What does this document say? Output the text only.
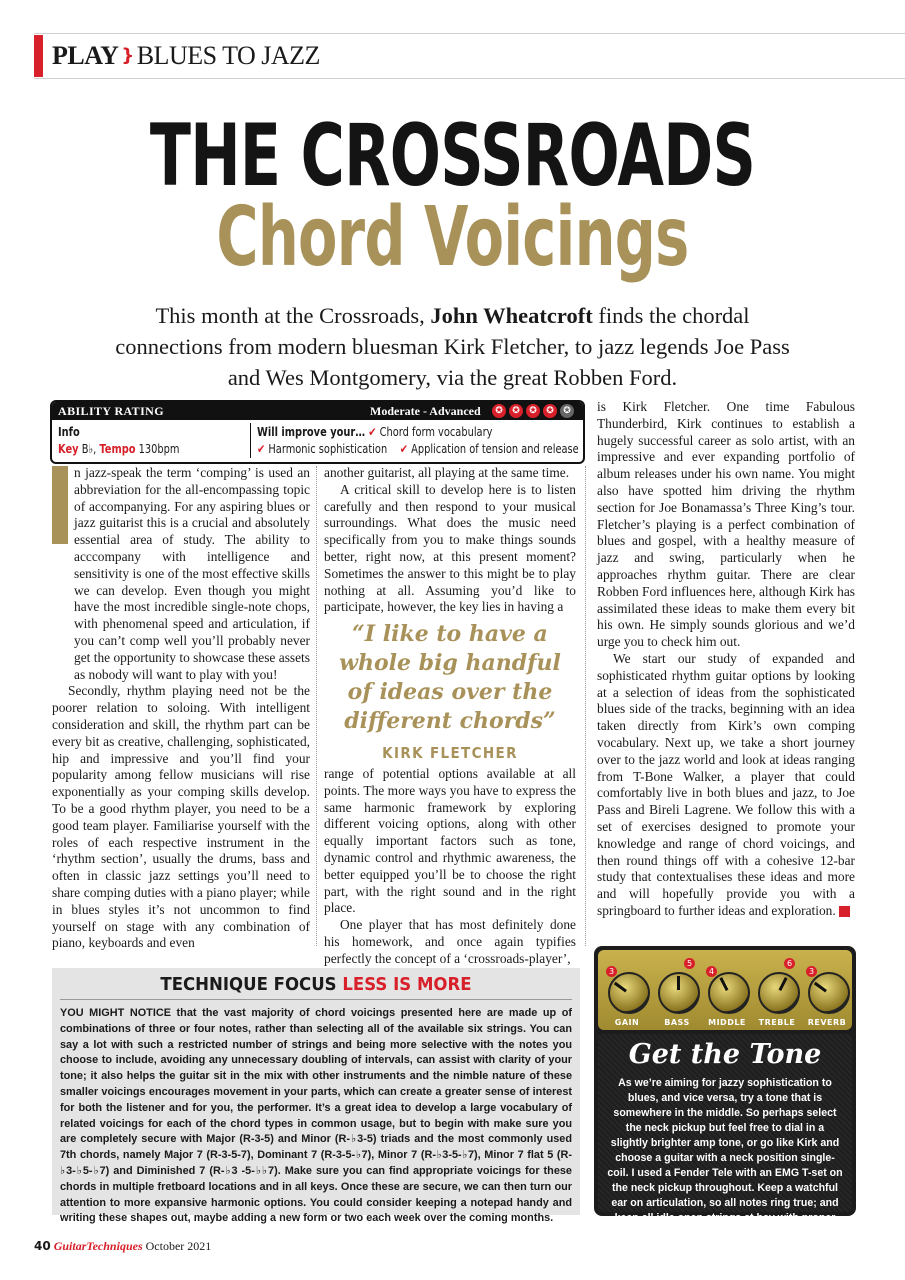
PLAY } BLUES TO JAZZ
THE CROSSROADS
Chord Voicings
This month at the Crossroads, John Wheatcroft finds the chordal connections from modern bluesman Kirk Fletcher, to jazz legends Joe Pass and Wes Montgomery, via the great Robben Ford.
ABILITY RATING	Moderate - Advanced	✪	✪	✪	✪	✪
Info
Key B♭, Tempo 130bpm
Will improve your… ✔ Chord form vocabulary
✔ Harmonic sophistication ✔ Application of tension and release

n jazz-speak the term ‘comping’ is used an abbreviation for the all-encompassing topic of accompanying. For any aspiring blues or jazz guitarist this is a crucial and absolutely essential area of study. The ability to acccompany with intelligence and sensitivity is one of the most effective skills we can develop. Even though you might have the most incredible single-note chops, with phenomenal speed and articulation, if you can’t comp well you’ll probably never get the opportunity to showcase these assets as nobody will want to play with you!

Secondly, rhythm playing need not be the poorer relation to soloing. With intelligent consideration and skill, the rhythm part can be every bit as creative, challenging, sophisticated, hip and impressive and you’ll find your popularity among fellow musicians will rise exponentially as your comping skills develop. To be a good rhythm player, you need to be a good team player. Familiarise yourself with the roles of each respective instrument in the ‘rhythm section’, usually the drums, bass and often in classic jazz settings you’ll need to share comping duties with a piano player; while in blues styles it’s not uncommon to find yourself on stage with any combination of piano, keyboards and even

another guitarist, all playing at the same time.

A critical skill to develop here is to listen carefully and then respond to your musical surroundings. What does the music need specifically from you to make things sounds better, right now, at this present moment? Sometimes the answer to this might be to play nothing at all. Assuming you’d like to participate, however, the key lies in having a

“I like to have a whole big handful of ideas over the different chords”
KIRK FLETCHER

range of potential options available at all points. The more ways you have to express the same harmonic framework by exploring different voicing options, along with other equally important factors such as tone, dynamic control and rhythmic awareness, the better equipped you’ll be to choose the right part, with the right sound and in the right place.

One player that has most definitely done his homework, and once again typifies perfectly the concept of a ‘crossroads-player’,

is Kirk Fletcher. One time Fabulous Thunderbird, Kirk continues to establish a hugely successful career as solo artist, with an impressive and ever expanding portfolio of album releases under his own name. You might also have spotted him driving the rhythm section for Joe Bonamassa’s Three King’s tour. Fletcher’s playing is a perfect combination of blues and gospel, with a healthy measure of jazz and swing, particularly when he approaches rhythm guitar. There are clear Robben Ford influences here, although Kirk has assimilated these ideas to make them every bit his own. He simply sounds glorious and we’d urge you to check him out.

We start our study of expanded and sophisticated rhythm guitar options by looking at a selection of ideas from the sophisticated blues side of the tracks, beginning with an idea taken directly from Kirk’s own comping vocabulary. Next up, we take a short journey over to the jazz world and look at ideas ranging from T-Bone Walker, a player that could comfortably live in both blues and jazz, to Joe Pass and Bireli Lagrene. We follow this with a set of exercises designed to promote your knowledge and range of chord voicings, and then round things off with a cohesive 12-bar study that contextualises these ideas and more and will hopefully provide you with a springboard to further ideas and exploration. T

TECHNIQUE FOCUS LESS IS MORE
YOU MIGHT NOTICE that the vast majority of chord voicings presented here are made up of combinations of three or four notes, rather than selecting all of the available six strings. You can say a lot with such a restricted number of strings and being more selective with the notes you choose to include, avoiding any unnecessary doubling of intervals, can assist with clarity of your tone; it also helps the guitar sit in the mix with other instruments and the nimble nature of these smaller voicings encourages movement in your parts, which can create a greater sense of interest for both the listener and for you, the performer. It’s a great idea to develop a large vocabulary of related voicings for each of the chord types in common usage, but to begin with make sure you are completely secure with Major (R-3-5) and Minor (R-♭3-5) triads and the most commonly used 7th chords, namely Major 7 (R-3-5-7), Dominant 7 (R-3-5-♭7), Minor 7 (R-♭3-5-♭7), Minor 7 flat 5 (R-♭3-♭5-♭7) and Diminished 7 (R-♭3 -5-♭♭7). Make sure you can find appropriate voicings for these chords in multiple fretboard locations and in all keys. Once these are secure, we can then turn our attention to more expansive harmonic options. You could consider keeping a notepad handy and writing these shapes out, maybe adding a new form or two each week over the coming months.
3
GAIN
5
BASS
4
MIDDLE
6
TREBLE
3
REVERB
Get the Tone
As we’re aiming for jazzy sophistication to blues, and vice versa, try a tone that is somewhere in the middle. So perhaps select the neck pickup but feel free to dial in a slightly brighter amp tone, or go like Kirk and choose a guitar with a neck position single-coil. I used a Fender Tele with an EMG T-set on the neck pickup throughout. Keep a watchful ear on articulation, so all notes ring true; and keep all idle open strings at bay with proper muting.
40 GuitarTechniques October 2021
